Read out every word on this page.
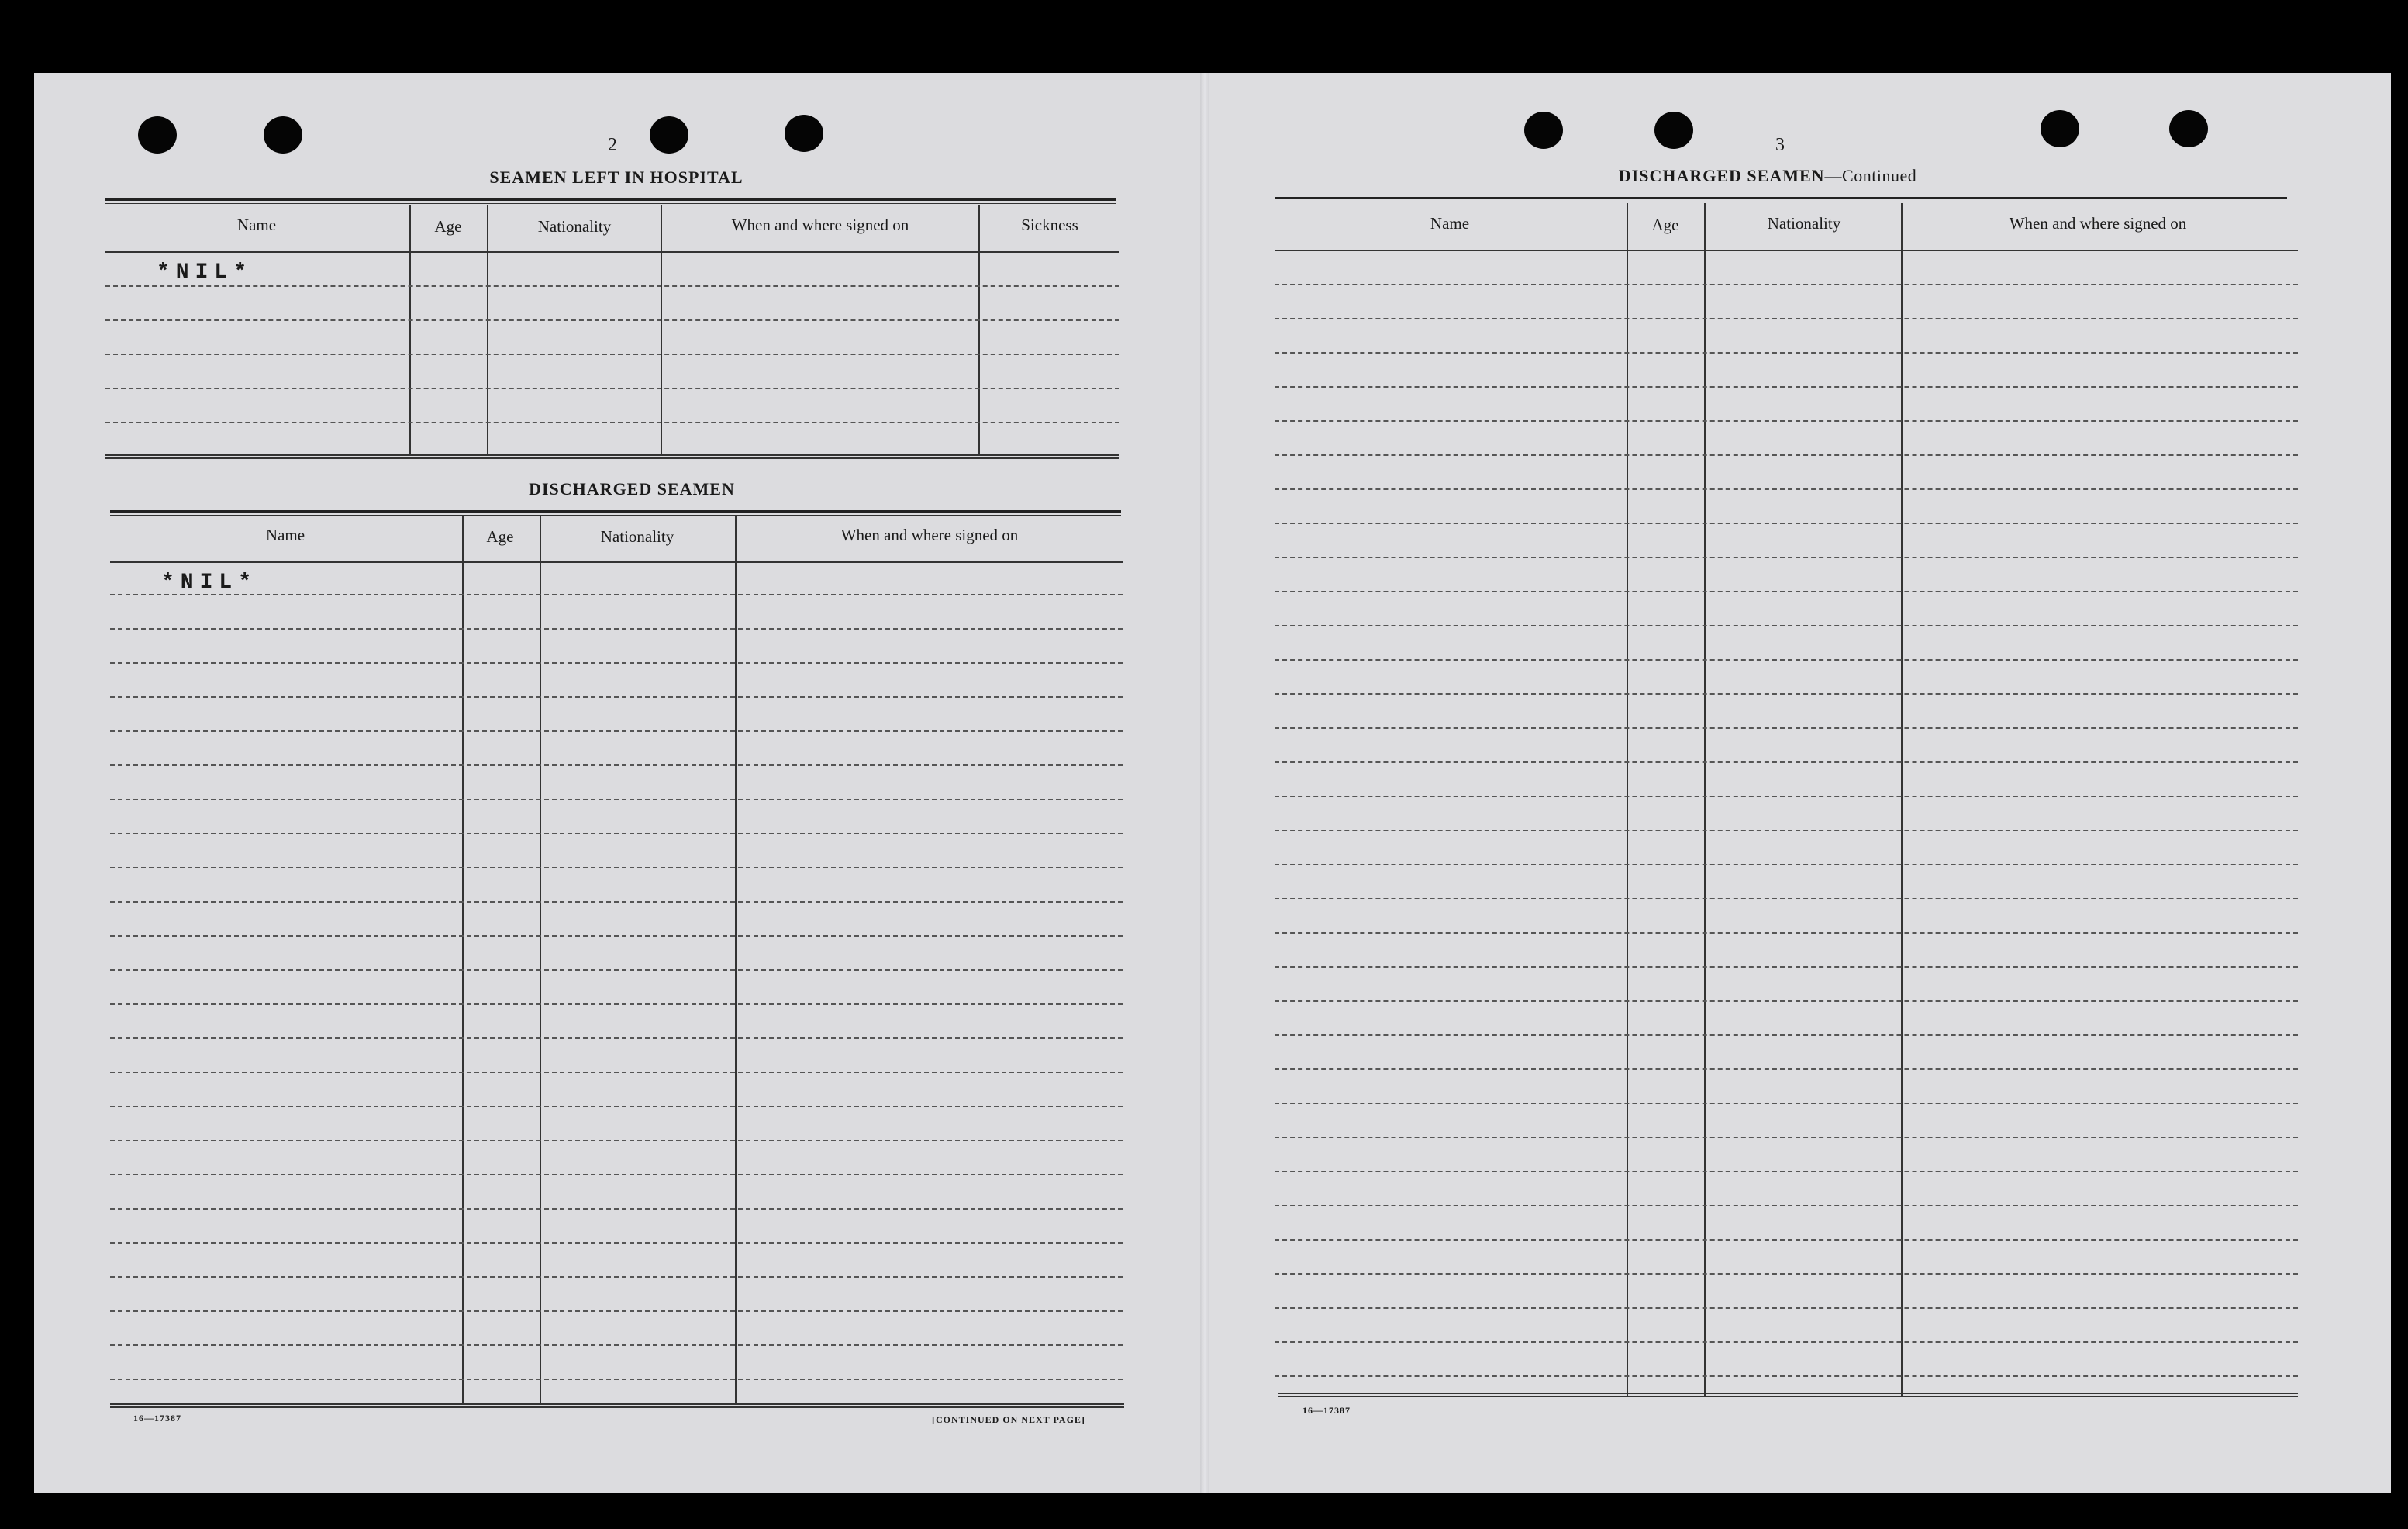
2
SEAMEN LEFT IN HOSPITAL
Name	Age	Nationality	When and where signed on	Sickness
*NIL*
DISCHARGED SEAMEN
Name	Age	Nationality	When and where signed on
*NIL*
16—17387	[CONTINUED ON NEXT PAGE]
3
DISCHARGED SEAMEN—Continued
Name	Age	Nationality	When and where signed on
16—17387
